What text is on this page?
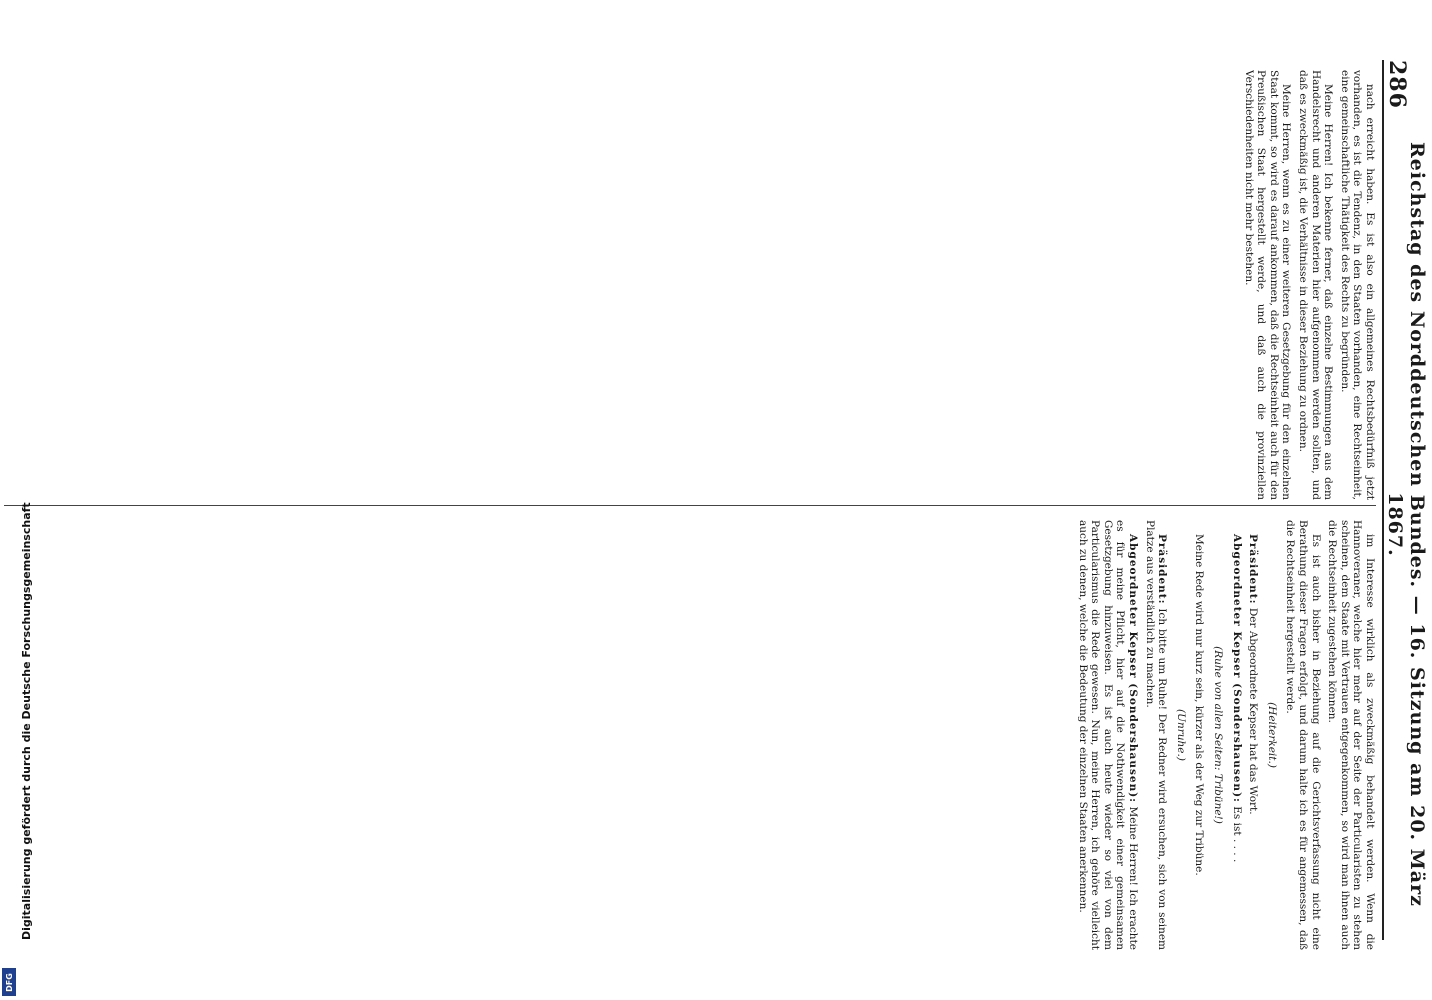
286
Reichstag des Norddeutschen Bundes. — 16. Sitzung am 20. März 1867.

nach erreicht haben. Es ist also ein allgemeines Rechtsbedürfniß jetzt vorhanden, es ist die Tendenz, in den Staaten vorhanden, eine Rechtseinheit, eine gemeinschaftliche Thätigkeit des Rechts zu begründen.

Meine Herren! Ich bekenne ferner, daß einzelne Bestimmungen aus dem Handelsrecht und anderen Materien hier aufgenommen werden sollten, und daß es zweckmäßig ist, die Verhältnisse in dieser Beziehung zu ordnen.

Meine Herren, wenn es zu einer weiteren Gesetzgebung für den einzelnen Staat kommt, so wird es darauf ankommen, daß die Rechtseinheit auch für den Preußischen Staat hergestellt werde, und daß auch die provinziellen Verschiedenheiten nicht mehr bestehen.

im Interesse wirklich als zweckmäßig behandelt werden. Wenn die Hannoveraner, welche hier mehr auf der Seite der Particularisten zu stehen scheinen, dem Staate mit Vertrauen entgegenkommen, so wird man ihnen auch die Rechtseinheit zugestehen können.

Es ist auch bisher in Beziehung auf die Gerichtsverfassung nicht eine Berathung dieser Fragen erfolgt, und darum halte ich es für angemessen, daß die Rechtseinheit hergestellt werde.

(Heiterkeit.)

Präsident: Der Abgeordnete Kepser hat das Wort.

Abgeordneter Kepser (Sondershausen): Es ist . . . .

(Ruhe von allen Seiten: Tribüne!)

Meine Rede wird nur kurz sein, kürzer als der Weg zur Tribüne.

(Unruhe.)

Präsident: Ich bitte um Ruhe! Der Redner wird ersuchen, sich von seinem Platze aus verständlich zu machen.

Abgeordneter Kepser (Sondershausen): Meine Herren! Ich erachte es für meine Pflicht, hier auf die Nothwendigkeit einer gemeinsamen Gesetzgebung hinzuweisen. Es ist auch heute wieder so viel von dem Particularismus die Rede gewesen. Nun, meine Herren, ich gehöre vielleicht auch zu denen, welche die Bedeutung der einzelnen Staaten anerkennen.

Digitalisierung gefördert durch die Deutsche Forschungsgemeinschaft
DFG
